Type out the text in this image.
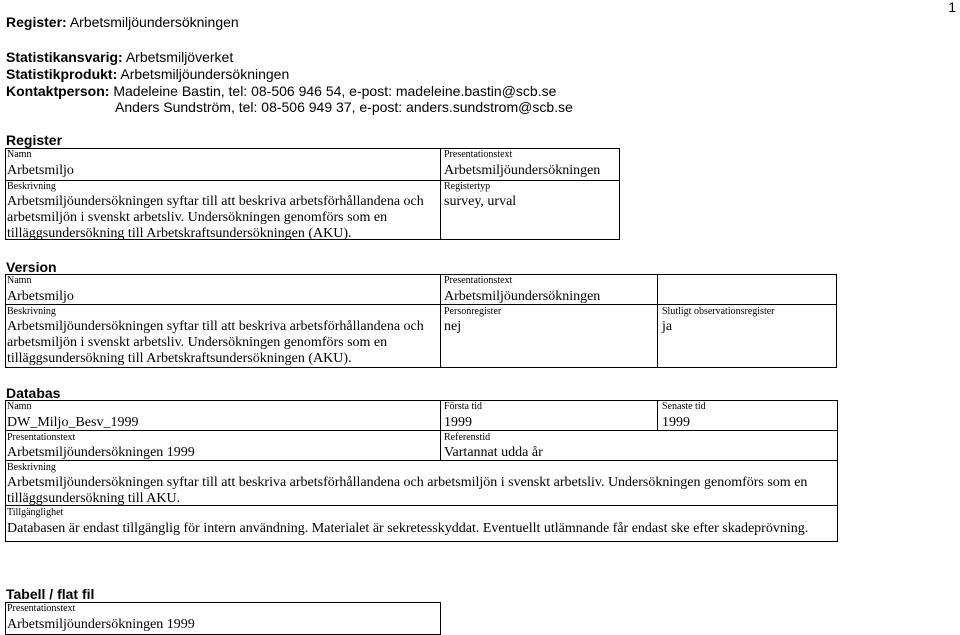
1
Register: Arbetsmiljöundersökningen
Statistikansvarig: Arbetsmiljöverket
Statistikprodukt: Arbetsmiljöundersökningen
Kontaktperson: Madeleine Bastin, tel: 08-506 946 54, e-post: madeleine.bastin@scb.se
Anders Sundström, tel: 08-506 949 37, e-post: anders.sundstrom@scb.se
Register
Namn
Arbetsmiljo
Beskrivning
Arbetsmiljöundersökningen syftar till att beskriva arbetsförhållandena och
arbetsmiljön i svenskt arbetsliv. Undersökningen genomförs som en
tilläggsundersökning till Arbetskraftsundersökningen (AKU).
Presentationstext
Arbetsmiljöundersökningen
Registertyp
survey, urval
Version
Namn
Arbetsmiljo
Beskrivning
Arbetsmiljöundersökningen syftar till att beskriva arbetsförhållandena och
arbetsmiljön i svenskt arbetsliv. Undersökningen genomförs som en
tilläggsundersökning till Arbetskraftsundersökningen (AKU).
Presentationstext
Arbetsmiljöundersökningen
Personregister
nej
Slutligt observationsregister
ja
Databas
Namn
DW_Miljo_Besv_1999
Första tid
1999
Senaste tid
1999
Presentationstext
Arbetsmiljöundersökningen 1999
Referenstid
Vartannat udda år
Beskrivning
Arbetsmiljöundersökningen syftar till att beskriva arbetsförhållandena och arbetsmiljön i svenskt arbetsliv. Undersökningen genomförs som en
tilläggsundersökning till AKU.
Tillgänglighet
Databasen är endast tillgänglig för intern användning. Materialet är sekretesskyddat. Eventuellt utlämnande får endast ske efter skadeprövning.
Tabell / flat fil
Presentationstext
Arbetsmiljöundersökningen 1999
